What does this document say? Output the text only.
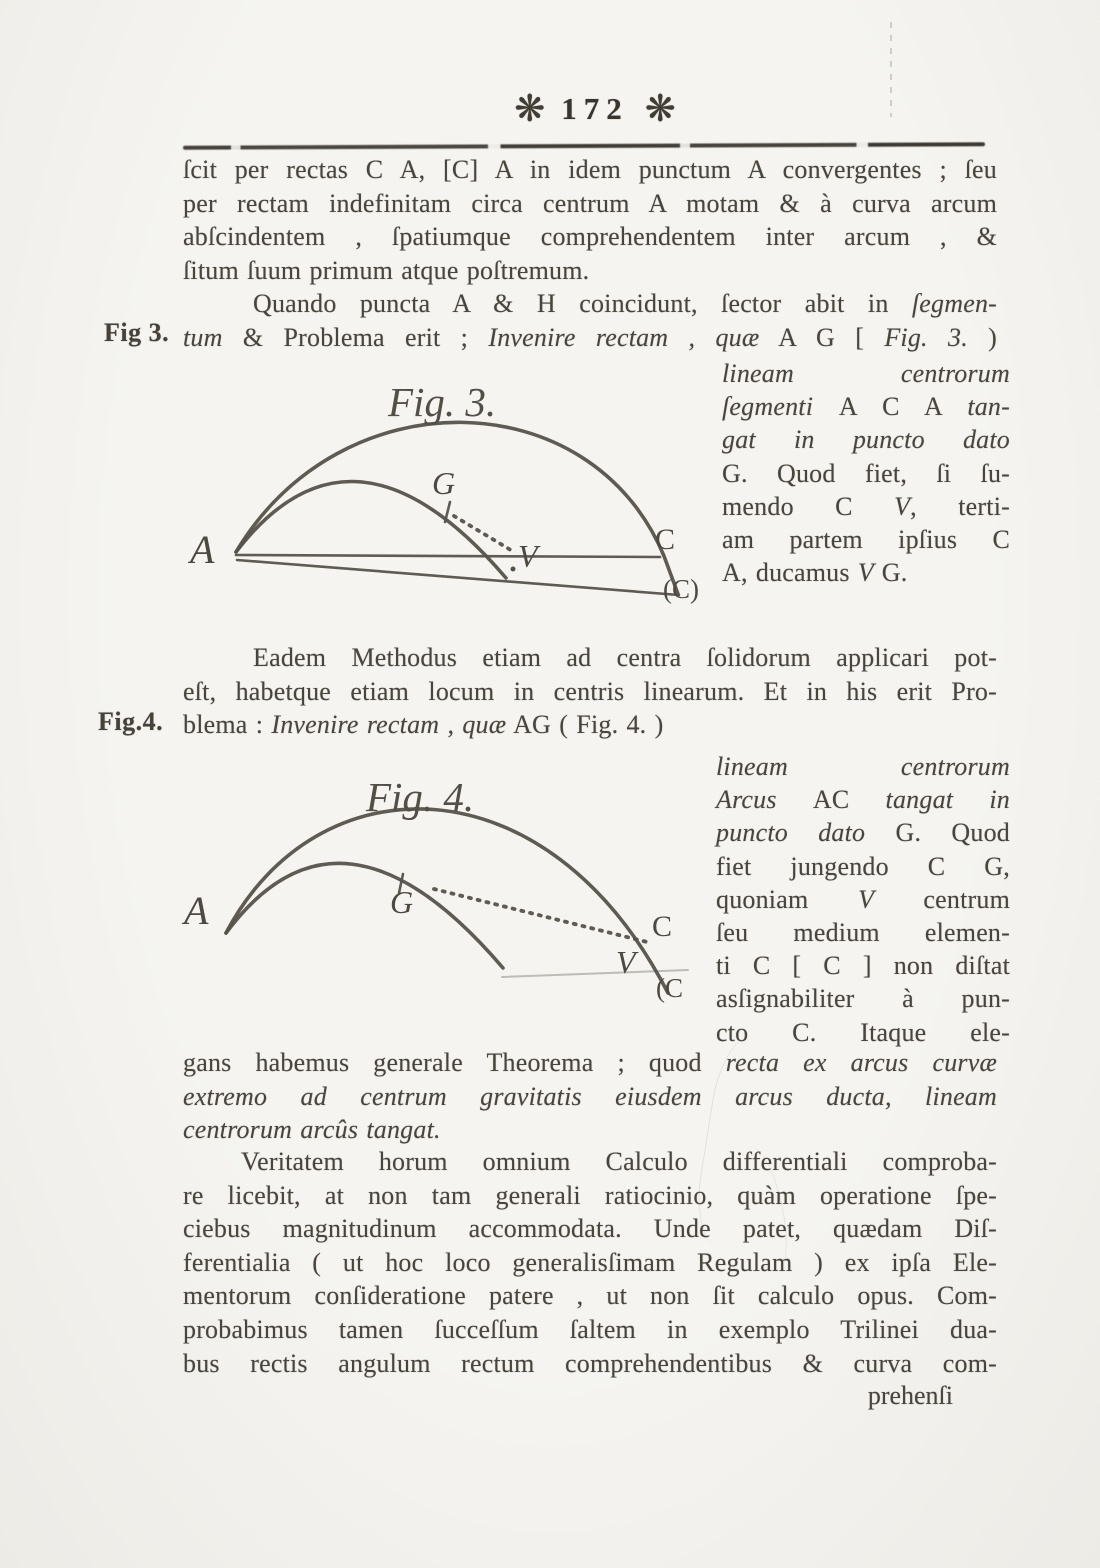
❋ 172 ❋
ſcit per rectas C A, [C] A in idem punctum A convergentes ; ſeu
per rectam indefinitam circa centrum A motam & à curva arcum
abſcindentem , ſpatiumque comprehendentem inter arcum , &
ſitum ſuum primum atque poſtremum.
Fig 3.
Quando puncta A & H coincidunt, ſector abit in ſegmen-
tum & Problema erit ; Invenire rectam , quæ A G [ Fig. 3. )
Fig. 3.
A
G
V	C
(C)
lineam centrorum
ſegmenti A C A tan-
gat in puncto dato
G. Quod fiet, ſi ſu-
mendo C V, terti-
am partem ipſius C
A, ducamus V G.
Fig.4.
Eadem Methodus etiam ad centra ſolidorum applicari pot-
eſt, habetque etiam locum in centris linearum. Et in his erit Pro-
blema : Invenire rectam , quæ AG ( Fig. 4. )
Fig. 4.
A	G
C
V
(C
lineam centrorum
Arcus AC tangat in
puncto dato G. Quod
fiet jungendo C G,
quoniam V centrum
ſeu medium elemen-
ti C [ C ] non diſtat
asſignabiliter à pun-
cto C. Itaque ele-
gans habemus generale Theorema ; quod recta ex arcus curvæ
extremo ad centrum gravitatis eiusdem arcus ducta, lineam
centrorum arcûs tangat.
Veritatem horum omnium Calculo differentiali comproba-
re licebit, at non tam generali ratiocinio, quàm operatione ſpe-
ciebus magnitudinum accommodata. Unde patet, quædam Diſ-
ferentialia ( ut hoc loco generalisſimam Regulam ) ex ipſa Ele-
mentorum conſideratione patere , ut non ſit calculo opus. Com-
probabimus tamen ſucceſſum ſaltem in exemplo Trilinei dua-
bus rectis angulum rectum comprehendentibus & curva com-
prehenſi
